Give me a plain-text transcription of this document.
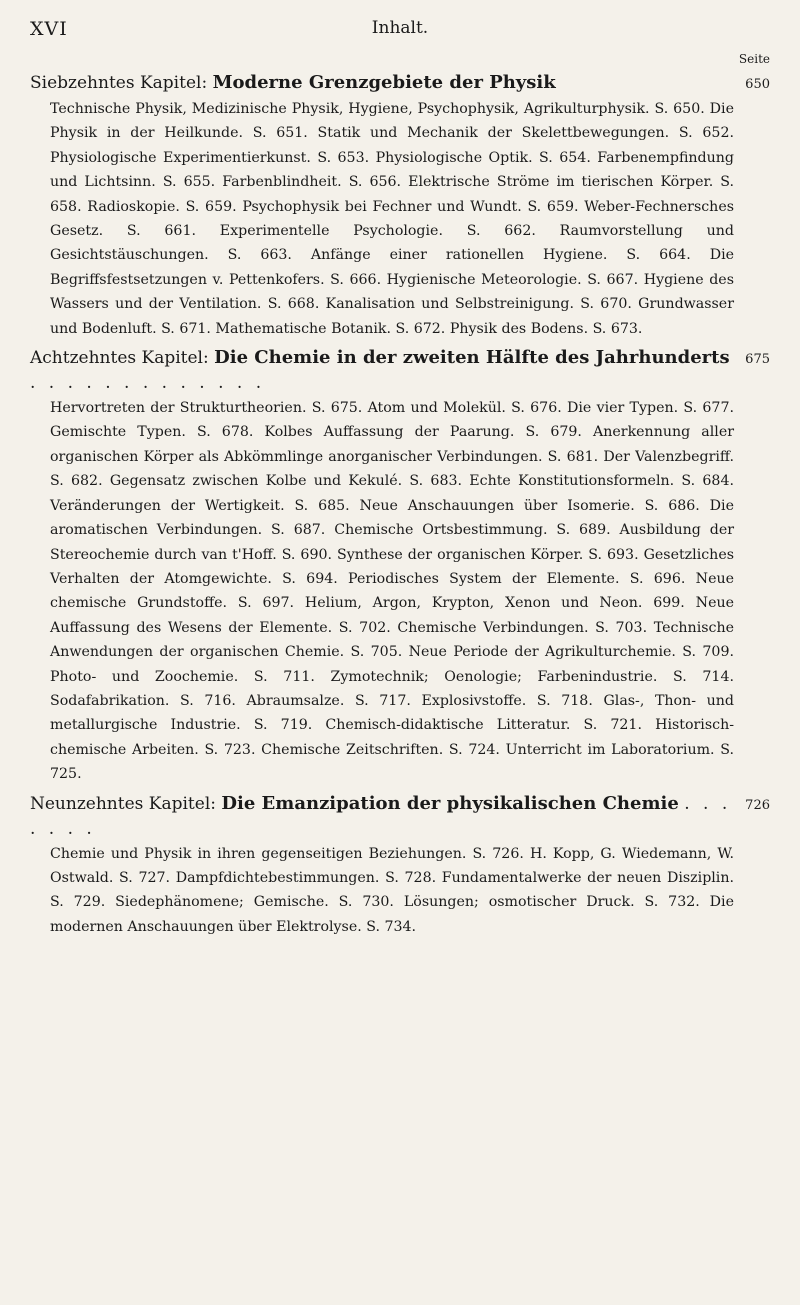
XVI	Inhalt.
Seite
Siebzehntes Kapitel: Moderne Grenzgebiete der Physik	650

Technische Physik, Medizinische Physik, Hygiene, Psychophysik, Agrikulturphysik. S. 650. Die Physik in der Heilkunde. S. 651. Statik und Mechanik der Skelettbewegungen. S. 652. Physiologische Experimentierkunst. S. 653. Physiologische Optik. S. 654. Farbenempfindung und Lichtsinn. S. 655. Farbenblindheit. S. 656. Elektrische Ströme im tierischen Körper. S. 658. Radioskopie. S. 659. Psychophysik bei Fechner und Wundt. S. 659. Weber-Fechnersches Gesetz. S. 661. Experimentelle Psychologie. S. 662. Raumvorstellung und Gesichtstäuschungen. S. 663. Anfänge einer rationellen Hygiene. S. 664. Die Begriffsfestsetzungen v. Pettenkofers. S. 666. Hygienische Meteorologie. S. 667. Hygiene des Wassers und der Ventilation. S. 668. Kanalisation und Selbstreinigung. S. 670. Grundwasser und Bodenluft. S. 671. Mathematische Botanik. S. 672. Physik des Bodens. S. 673.

Achtzehntes Kapitel: Die Chemie in der zweiten Hälfte des Jahrhunderts . . . . . . . . . . . . .
675

Hervortreten der Strukturtheorien. S. 675. Atom und Molekül. S. 676. Die vier Typen. S. 677. Gemischte Typen. S. 678. Kolbes Auffassung der Paarung. S. 679. Anerkennung aller organischen Körper als Abkömmlinge anorganischer Verbindungen. S. 681. Der Valenzbegriff. S. 682. Gegensatz zwischen Kolbe und Kekulé. S. 683. Echte Konstitutionsformeln. S. 684. Veränderungen der Wertigkeit. S. 685. Neue Anschauungen über Isomerie. S. 686. Die aromatischen Verbindungen. S. 687. Chemische Ortsbestimmung. S. 689. Ausbildung der Stereochemie durch van t'Hoff. S. 690. Synthese der organischen Körper. S. 693. Gesetzliches Verhalten der Atomgewichte. S. 694. Periodisches System der Elemente. S. 696. Neue chemische Grundstoffe. S. 697. Helium, Argon, Krypton, Xenon und Neon. 699. Neue Auffassung des Wesens der Elemente. S. 702. Chemische Verbindungen. S. 703. Technische Anwendungen der organischen Chemie. S. 705. Neue Periode der Agrikulturchemie. S. 709. Photo- und Zoochemie. S. 711. Zymotechnik; Oenologie; Farbenindustrie. S. 714. Sodafabrikation. S. 716. Abraumsalze. S. 717. Explosivstoffe. S. 718. Glas-, Thon- und metallurgische Industrie. S. 719. Chemisch-didaktische Litteratur. S. 721. Historisch-chemische Arbeiten. S. 723. Chemische Zeitschriften. S. 724. Unterricht im Laboratorium. S. 725.

Neunzehntes Kapitel: Die Emanzipation der physikalischen Chemie . . . . . . .
726

Chemie und Physik in ihren gegenseitigen Beziehungen. S. 726. H. Kopp, G. Wiedemann, W. Ostwald. S. 727. Dampfdichtebestimmungen. S. 728. Fundamentalwerke der neuen Disziplin. S. 729. Siedephänomene; Gemische. S. 730. Lösungen; osmotischer Druck. S. 732. Die modernen Anschauungen über Elektrolyse. S. 734.
